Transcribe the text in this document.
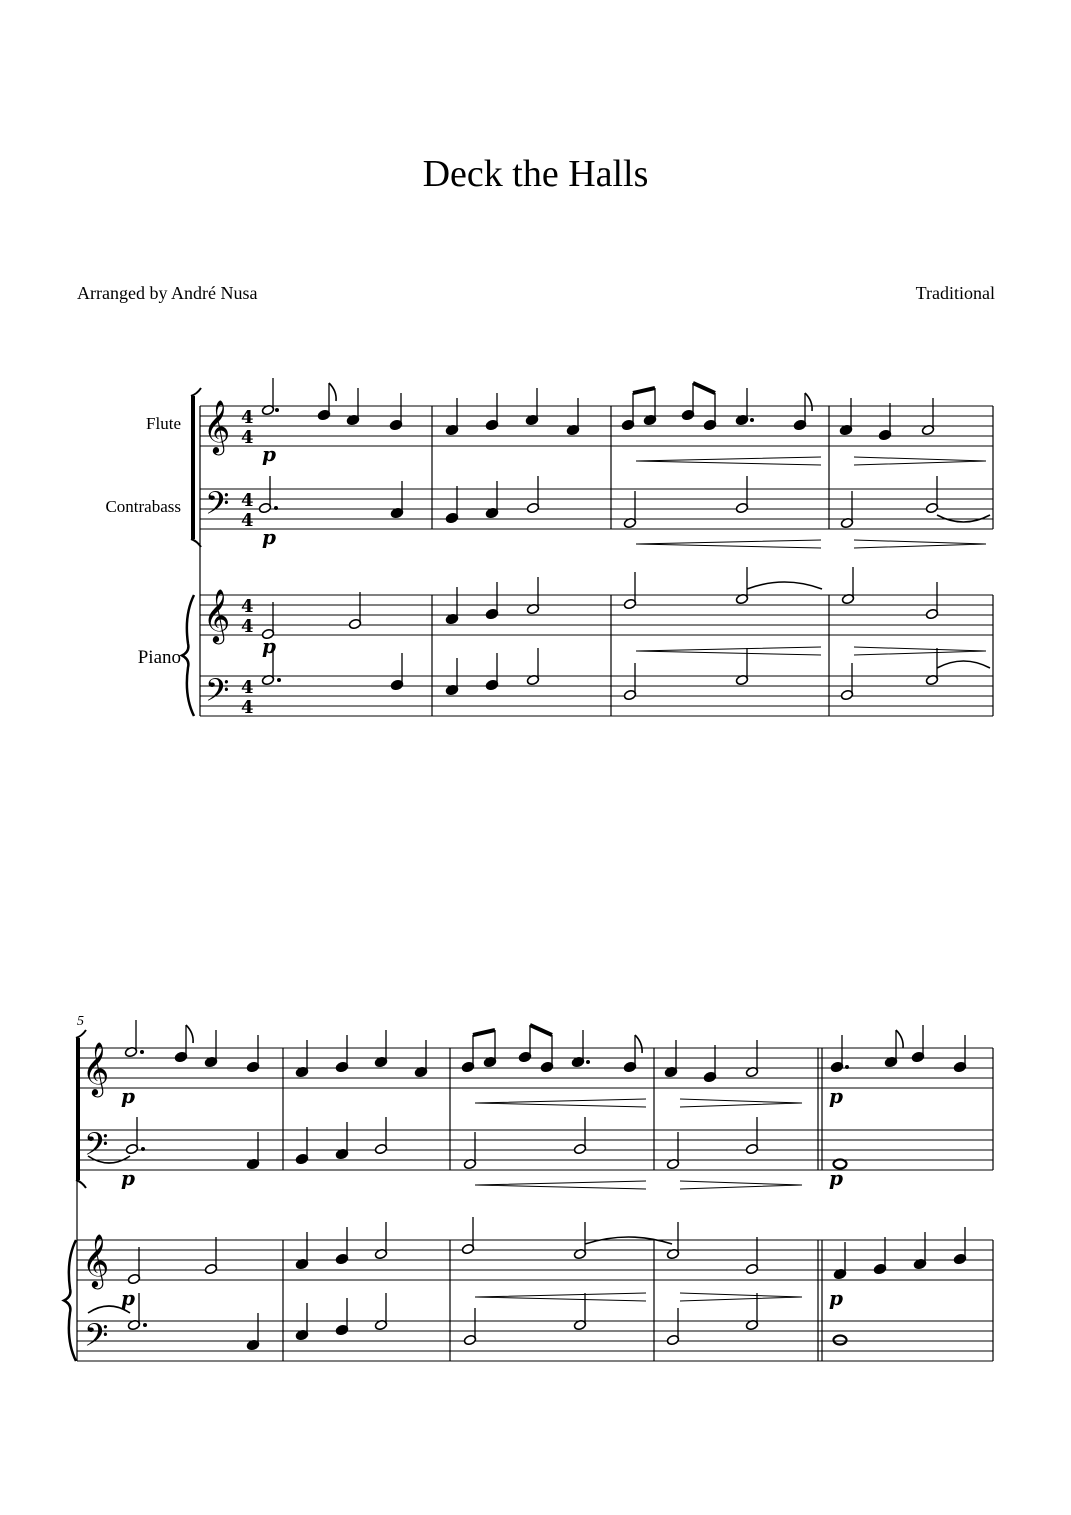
Deck the Halls
Arranged by André Nusa	Traditional
Flute
Contrabass
Piano
5
𝄞
𝄢
𝄞
𝄢
4
4
4
4
4
4
4
4
p
p
p
𝄞
𝄢
𝄞
𝄢
p	p
p	p
p	p
